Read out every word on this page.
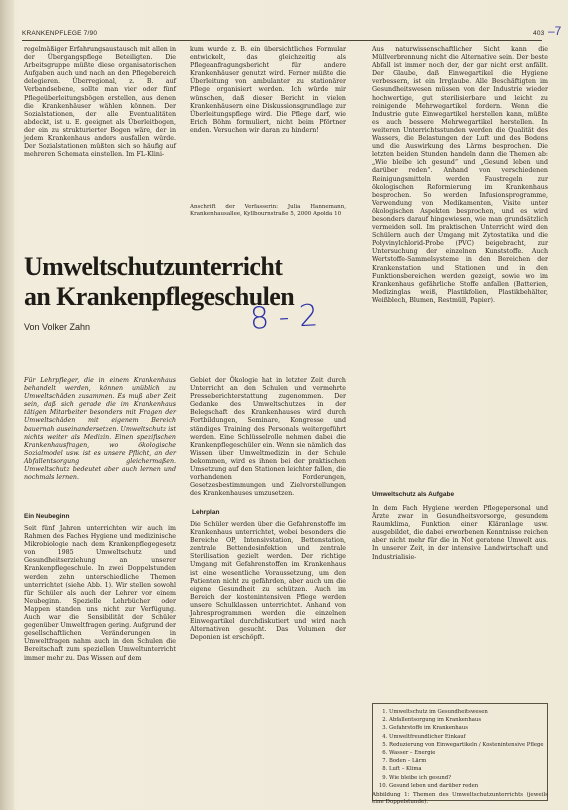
KRANKENPFLEGE 7/90	403 –7
regelmäßiger Erfahrungsaustausch mit allen in der Übergangspflege Beteiligten. Die Arbeitsgruppe müßte diese organisatorischen Aufgaben auch und nach an den Pflegebereich delegieren. Überregional, z. B. auf Verbandsebene, sollte man vier oder fünf Pflegeüberleitungsbögen erstellen, aus denen die Krankenhäuser wählen können. Der Sozialstationen, der alle Eventualitäten abdeckt, ist u. E. geeignet als Überleitbogen, der ein zu strukturierter Bogen wäre, der in jedem Krankenhaus anders ausfallen würde. Der Sozialstationen müßten sich so häufig auf mehreren Schemata einstellen. Im FL-Klini-
kum wurde z. B. ein übersichtliches Formular entwickelt, das gleichzeitig als Pflegeanfragungsbericht für andere Krankenhäuser genutzt wird. Ferner müßte die Überleitung von ambulanter zu stationärer Pflege organisiert werden. Ich würde mir wünschen, daß dieser Bericht in vielen Krankenhäusern eine Diskussionsgrundlage zur Überleitungspflege wird. Die Pflege darf, wie Erich Böhm formuliert, nicht beim Pförtner enden. Versuchen wir daran zu hindern!
Anschrift der Verfasserin: Julia Hannemann, Krankenhausallee, Kyllbournstraße 5, 2000 Apolda 10
Aus naturwissenschaftlicher Sicht kann die Müllverbrennung nicht die Alternative sein. Der beste Abfall ist immer noch der, der gar nicht erst anfällt. Der Glaube, daß Einwegartikel die Hygiene verbessern, ist ein Irrglaube. Alle Beschäftigten im Gesundheitswesen müssen von der Industrie wieder hochwertige, gut sterilisierbare und leicht zu reinigende Mehrwegartikel fordern. Wenn die Industrie gute Einwegartikel herstellen kann, müßte es auch bessere Mehrwegartikel herstellen. In weiteren Unterrichtsstunden werden die Qualität des Wassers, die Belastungen der Luft und des Bodens und die Auswirkung des Lärms besprochen. Die letzten beiden Stunden handeln dann die Themen ab: „Wie bleibe ich gesund“ und „Gesund leben und darüber reden“. Anhand von verschiedenen Reinigungsmitteln werden Faustregeln zur ökologischen Reformierung im Krankenhaus besprochen. So werden Infusionsprogramme, Verwendung von Medikamenten, Visite unter ökologischen Aspekten besprochen, und es wird besonders darauf hingewiesen, wie man grundsätzlich vermeiden soll. Im praktischen Unterricht wird den Schülern auch der Umgang mit Zytostatika und die Polyvinylchlorid-Probe (PVC) beigebracht, zur Untersuchung der einzelnen Kunststoffe. Auch Wertstoffe-Sammelsysteme in den Bereichen der Krankenstation und Stationen und in den Funktionsbereichen werden gezeigt, sowie wo im Krankenhaus gefährliche Stoffe anfallen (Batterien, Medizinglas weiß, Plastikfolien, Plastikbehälter, Weißblech, Blumen, Restmüll, Papier).
Umweltschutzunterricht
an Krankenpflegeschulen
Von Volker Zahn	8 - 2
Für Lehrpfleger, die in einem Krankenhaus behandelt werden, können unüblich zu Umweltschäden zusammen. Es muß aber Zeit sein, daß sich gerade die im Krankenhaus tätigen Mitarbeiter besonders mit Fragen der Umweltschäden mit eigenem Bereich bauernah auseinandersetzen. Umweltschutz ist nichts weiter als Medizin. Einen spezifischen Krankenhausfragen, wo ökologische Sozialmodel usw. ist es unsere Pflicht, an der Abfallentsorgung gleichermaßen. Umweltschutz bedeutet aber auch lernen und nochmals lernen.
Ein Neubeginn
Seit fünf Jahren unterrichten wir auch im Rahmen des Faches Hygiene und medizinische Mikrobiologie nach dem Krankenpflegegesetz von 1985 Umweltschutz und Gesundheitserziehung an unserer Krankenpflegeschule. In zwei Doppelstunden werden zehn unterschiedliche Themen unterrichtet (siehe Abb. 1). Wir stellen sowohl für Schüler als auch der Lehrer vor einem Neubeginn. Spezielle Lehrbücher oder Mappen standen uns nicht zur Verfügung. Auch war die Sensibilität der Schüler gegenüber Umweltfragen gering. Aufgrund der gesellschaftlichen Veränderungen in Umweltfragen nahm auch in den Schulen die Bereitschaft zum speziellen Umweltunterricht immer mehr zu. Das Wissen auf dem
Gebiet der Ökologie hat in letzter Zeit durch Unterricht an den Schulen und vermehrte Presseberichterstattung zugenommen. Der Gedanke des Umweltschutzes in der Belegschaft des Krankenhauses wird durch Fortbildungen, Seminare, Kongresse und ständiges Training des Personals weitergeführt werden. Eine Schlüsselrolle nehmen dabei die Krankenpflegeschüler ein. Wenn sie nämlich das Wissen über Umweltmedizin in der Schule bekommen, wird es ihnen bei der praktischen Umsetzung auf den Stationen leichter fallen, die vorhandenen Forderungen, Gesetzesbestimmungen und Zielvorstellungen des Krankenhauses umzusetzen.
Lehrplan
Die Schüler werden über die Gefahrenstoffe im Krankenhaus unterrichtet, wobei besonders die Bereiche OP, Intensivstation, Bettenstation, zentrale Bettendesinfektion und zentrale Sterilisation gezielt werden. Der richtige Umgang mit Gefahrenstoffen im Krankenhaus ist eine wesentliche Voraussetzung, um den Patienten nicht zu gefährden, aber auch um die eigene Gesundheit zu schützen. Auch im Bereich der kostenintensiven Pflege werden unsere Schulklassen unterrichtet. Anhand von Jahresprogrammen werden die einzelnen Einwegartikel durchdiskutiert und wird nach Alternativen gesucht. Das Volumen der Deponien ist erschöpft.
Umweltschutz als Aufgabe
In dem Fach Hygiene werden Pflegepersonal und Ärzte zwar in Gesundheitsvorsorge, gesundem Raumklima, Funktion einer Kläranlage usw. ausgebildet, die dabei erworbenen Kenntnisse reichen aber nicht mehr für die in Not geratene Umwelt aus. In unserer Zeit, in der intensive Landwirtschaft und Industrialisie-
1. Umweltschutz im Gesundheitswesen
2. Abfallentsorgung im Krankenhaus
3. Gefahrstoffe im Krankenhaus
4. Umweltfreundlicher Einkauf
5. Reduzierung von Einwegartikeln / Kostenintensive Pflege
6. Wasser – Energie
7. Boden – Lärm
8. Luft – Klima
9. Wie bleibe ich gesund?
10. Gesund leben und darüber reden
Abbildung 1: Themen des Umweltschutzunterrichts (jeweils eine Doppelstunde).
